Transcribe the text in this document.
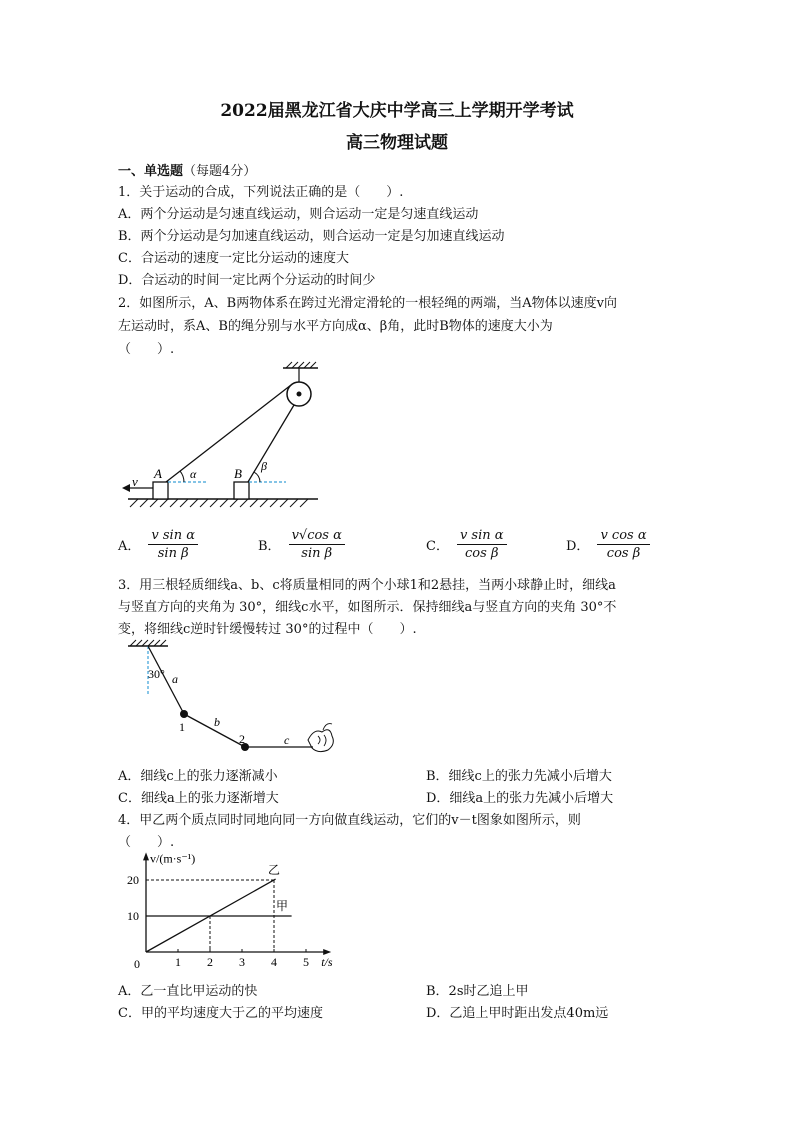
2022届黑龙江省大庆中学高三上学期开学考试
高三物理试题
一、单选题（每题4分）
1．关于运动的合成，下列说法正确的是（　　）.
A．两个分运动是匀速直线运动，则合运动一定是匀速直线运动
B．两个分运动是匀加速直线运动，则合运动一定是匀加速直线运动
C．合运动的速度一定比分运动的速度大
D．合运动的时间一定比两个分运动的时间少
2．如图所示，A、B两物体系在跨过光滑定滑轮的一根轻绳的两端，当A物体以速度v向
左运动时，系A、B的绳分别与水平方向成α、β角，此时B物体的速度大小为
（　　）.
A	B
v	α
β
A． $\frac{\text{v sin α}}{\text{sin β}}$	B． $\frac{\text{v√cos α}}{\text{sin β}}$	C． $\frac{\text{v sin α}}{\text{cos β}}$	D． $\frac{\text{v cos α}}{\text{cos β}}$
3．用三根轻质细线a、b、c将质量相同的两个小球1和2悬挂，当两小球静止时，细线a
与竖直方向的夹角为 30°，细线c水平，如图所示．保持细线a与竖直方向的夹角 30°不
变，将细线c逆时针缓慢转过 30°的过程中（　　）.
30° a
b
c
1
2
A．细线c上的张力逐渐减小	B．细线c上的张力先减小后增大
C．细线a上的张力逐渐增大	D．细线a上的张力先减小后增大
4．甲乙两个质点同时同地向同一方向做直线运动，它们的v－t图象如图所示，则
（　　）.
1 2 3 4 5
10
20
0	t/s
v/(m·s⁻¹)
甲
乙
A．乙一直比甲运动的快	B．2s时乙追上甲
C．甲的平均速度大于乙的平均速度	D．乙追上甲时距出发点40m远
